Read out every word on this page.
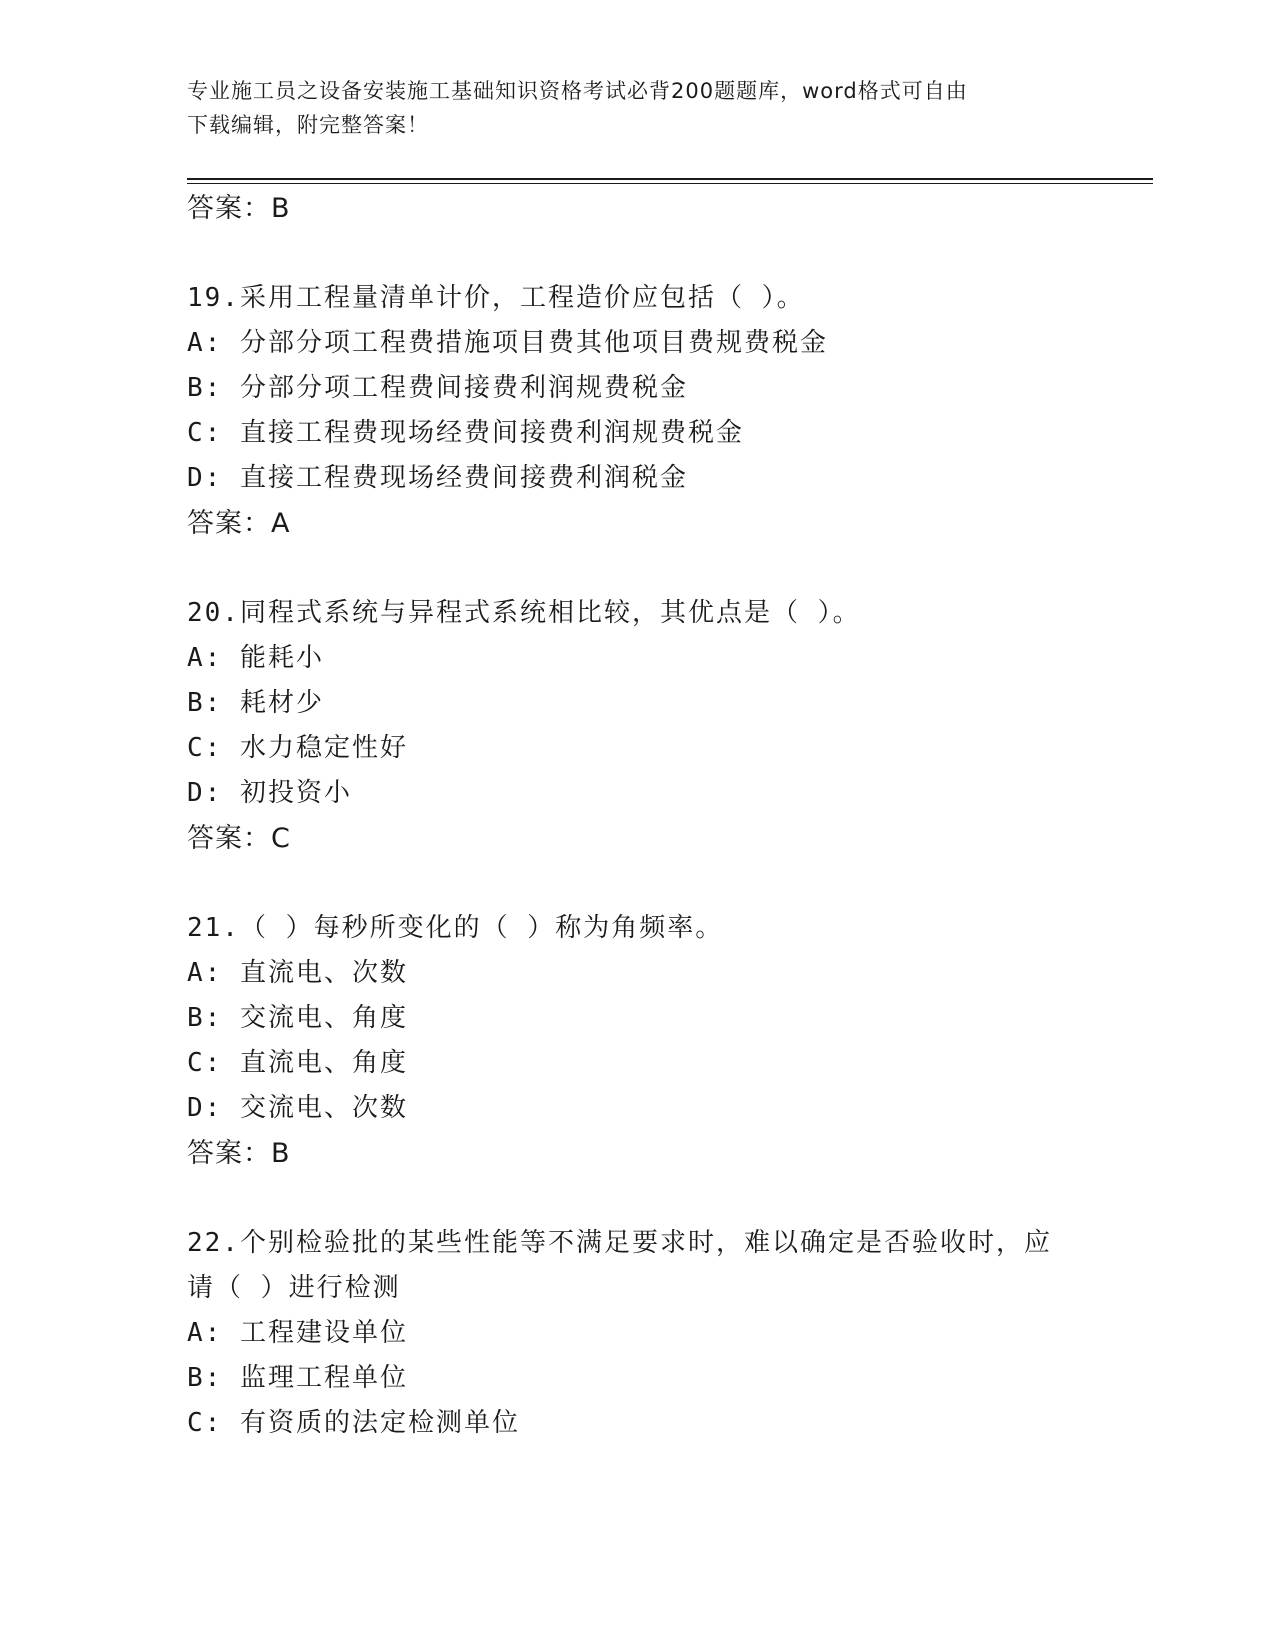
专业施工员之设备安装施工基础知识资格考试必背200题题库，word格式可自由
下载编辑，附完整答案！
答案：B
19.采用工程量清单计价，工程造价应包括（ ）。
A: 分部分项工程费措施项目费其他项目费规费税金
B: 分部分项工程费间接费利润规费税金
C: 直接工程费现场经费间接费利润规费税金
D: 直接工程费现场经费间接费利润税金
答案：A
20.同程式系统与异程式系统相比较，其优点是（ ）。
A: 能耗小
B: 耗材少
C: 水力稳定性好
D: 初投资小
答案：C
21.（ ）每秒所变化的（ ）称为角频率。
A: 直流电、次数
B: 交流电、角度
C: 直流电、角度
D: 交流电、次数
答案：B
22.个别检验批的某些性能等不满足要求时，难以确定是否验收时，应
请（ ）进行检测
A: 工程建设单位
B: 监理工程单位
C: 有资质的法定检测单位
